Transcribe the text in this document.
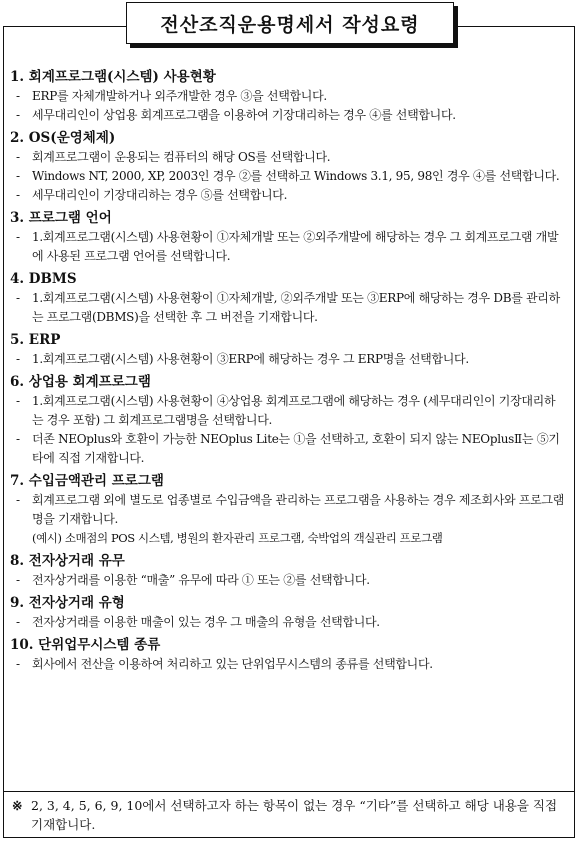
전산조직운용명세서 작성요령
1. 회계프로그램(시스템) 사용현황
- ERP를 자체개발하거나 외주개발한 경우 ③을 선택합니다.
- 세무대리인이 상업용 회계프로그램을 이용하여 기장대리하는 경우 ④를 선택합니다.
2. OS(운영체제)
- 회계프로그램이 운용되는 컴퓨터의 해당 OS를 선택합니다.
- Windows NT, 2000, XP, 2003인 경우 ②를 선택하고 Windows 3.1, 95, 98인 경우 ④를 선택합니다.
- 세무대리인이 기장대리하는 경우 ⑤를 선택합니다.
3. 프로그램 언어
- 1.회계프로그램(시스템) 사용현황이 ①자체개발 또는 ②외주개발에 해당하는 경우 그 회계프로그램 개발에 사용된 프로그램 언어를 선택합니다.
4. DBMS
- 1.회계프로그램(시스템) 사용현황이 ①자체개발, ②외주개발 또는 ③ERP에 해당하는 경우 DB를 관리하는 프로그램(DBMS)을 선택한 후 그 버전을 기재합니다.
5. ERP
- 1.회계프로그램(시스템) 사용현황이 ③ERP에 해당하는 경우 그 ERP명을 선택합니다.
6. 상업용 회계프로그램
- 1.회계프로그램(시스템) 사용현황이 ④상업용 회계프로그램에 해당하는 경우 (세무대리인이 기장대리하는 경우 포함) 그 회계프로그램명을 선택합니다.
- 더존 NEOplus와 호환이 가능한 NEOplus Lite는 ①을 선택하고, 호환이 되지 않는 NEOplusⅡ는 ⑤기타에 직접 기재합니다.
7. 수입금액관리 프로그램
- 회계프로그램 외에 별도로 업종별로 수입금액을 관리하는 프로그램을 사용하는 경우 제조회사와 프로그램명을 기재합니다.
(예시) 소매점의 POS 시스템, 병원의 환자관리 프로그램, 숙박업의 객실관리 프로그램
8. 전자상거래 유무
- 전자상거래를 이용한 “매출” 유무에 따라 ① 또는 ②를 선택합니다.
9. 전자상거래 유형
- 전자상거래를 이용한 매출이 있는 경우 그 매출의 유형을 선택합니다.
10. 단위업무시스템 종류
- 회사에서 전산을 이용하여 처리하고 있는 단위업무시스템의 종류를 선택합니다.
※ 2, 3, 4, 5, 6, 9, 10에서 선택하고자 하는 항목이 없는 경우 “기타”를 선택하고 해당 내용을 직접 기재합니다.
